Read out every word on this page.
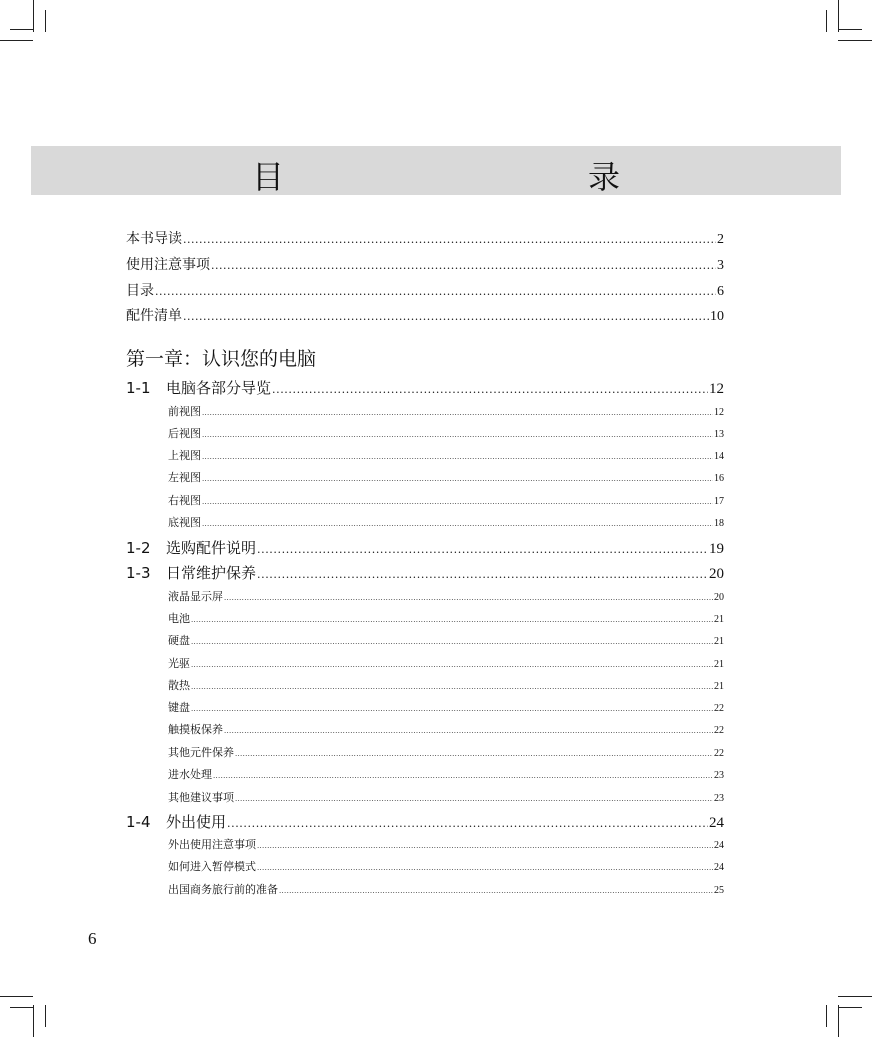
目　　录
本书导读 .....	2
使用注意事项 .....	3
目录 .....	6
配件清单 .....	10
第一章：认识您的电脑
1-1 电脑各部分导览 .....	12
前视图 .....	12
后视图 .....	13
上视图 .....	14
左视图 .....	16
右视图 .....	17
底视图 .....	18
1-2 选购配件说明 .....	19
1-3 日常维护保养 .....	20
液晶显示屏 .....	20
电池 .....	21
硬盘 .....	21
光驱 .....	21
散热 .....	21
键盘 .....	22
触摸板保养 .....	22
其他元件保养 .....	22
进水处理 .....	23
其他建议事项 .....	23
1-4 外出使用 .....	24
外出使用注意事项 .....	24
如何进入暂停模式 .....	24
出国商务旅行前的准备 .....	25
6
